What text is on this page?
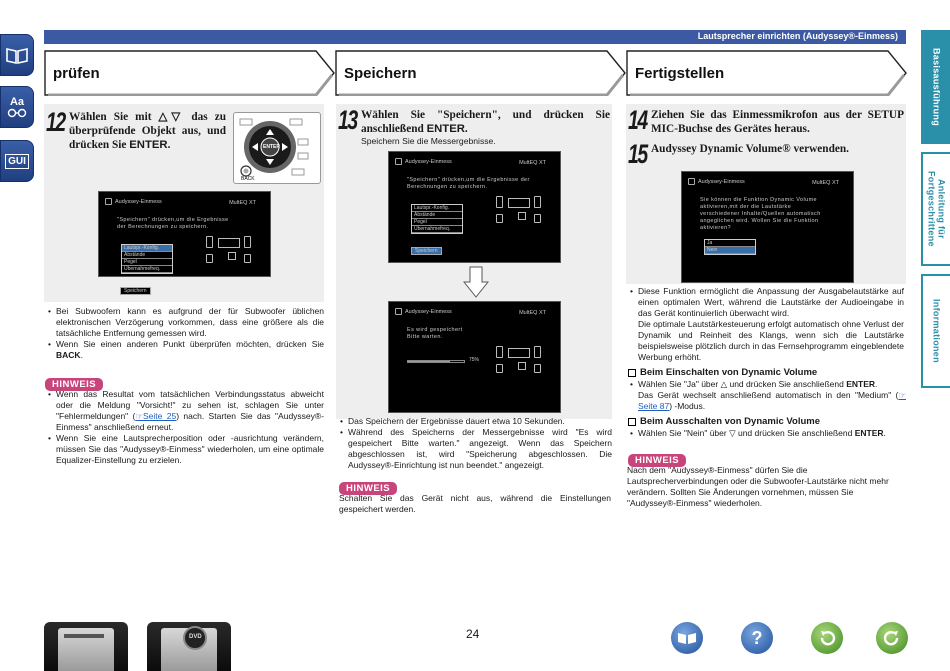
Lautsprecher einrichten (Audyssey®-Einmess)
Aa
GUI
Basisausführung
Anleitung für Fortgeschrittene
Informationen
prüfen	Speichern	Fertigstellen
12 Wählen Sie mit △▽ das zu überprüfende Objekt aus, und drücken Sie ENTER.
Audyssey-Einmess	MultEQ XT
"Speichern" drücken,um die Ergebnisse der Berechnungen zu speichern.
Lautspr.-Konfig.
Abstände
Pegel
Übernahmefreq.
Speichern
• Bei Subwoofern kann es aufgrund der für Subwoofer üblichen elektronischen Verzögerung vorkommen, dass eine größere als die tatsächliche Entfernung gemessen wird.
• Wenn Sie einen anderen Punkt überprüfen möchten, drücken Sie BACK.
HINWEIS
• Wenn das Resultat vom tatsächlichen Verbindungsstatus abweicht oder die Meldung "Vorsicht!" zu sehen ist, schlagen Sie unter "Fehlermeldungen" (☞Seite 25) nach. Starten Sie das "Audyssey®-Einmess" anschließend erneut.
• Wenn Sie eine Lautsprecherposition oder -ausrichtung verändern, müssen Sie das "Audyssey®-Einmess" wiederholen, um eine optimale Equalizer-Einstellung zu erzielen.
ENTER
BACK
13 Wählen Sie "Speichern", und drücken Sie anschließend ENTER.
Speichern Sie die Messergebnisse.
Audyssey-Einmess	MultEQ XT
"Speichern" drücken,um die Ergebnisse der Berechnungen zu speichern.
Lautspr.-Konfig.
Abstände
Pegel
Übernahmefreq.
Speichern
Audyssey-Einmess	MultEQ XT
Es wird gespeichert Bitte warten.
75%
• Das Speichern der Ergebnisse dauert etwa 10 Sekunden.
• Während des Speicherns der Messergebnisse wird "Es wird gespeichert Bitte warten." angezeigt. Wenn das Speichern abgeschlossen ist, wird "Speicherung abgeschlossen. Die Audyssey®-Einrichtung ist nun beendet." angezeigt.
HINWEIS
Schalten Sie das Gerät nicht aus, während die Einstellungen gespeichert werden.
14 Ziehen Sie das Einmessmikrofon aus der SETUP MIC-Buchse des Gerätes heraus.
15 Audyssey Dynamic Volume® verwenden.
Audyssey-Einmess	MultEQ XT
Sie können die Funktion Dynamic Volume aktivieren,mit der die Lautstärke verschiedener Inhalte/Quellen automatisch angeglichen wird. Wollen Sie die Funktion aktivieren?
Ja
Nein
• Diese Funktion ermöglicht die Anpassung der Ausgabelautstärke auf einen optimalen Wert, während die Lautstärke der Audioeingabe in das Gerät kontinuierlich überwacht wird.
Die optimale Lautstärkesteuerung erfolgt automatisch ohne Verlust der Dynamik und Reinheit des Klangs, wenn sich die Lautstärke beispielsweise plötzlich durch in das Fernsehprogramm eingeblendete Werbung erhöht.
Beim Einschalten von Dynamic Volume
• Wählen Sie "Ja" über △ und drücken Sie anschließend ENTER.
Das Gerät wechselt anschließend automatisch in den "Medium" (☞Seite 87) -Modus.
Beim Ausschalten von Dynamic Volume
• Wählen Sie "Nein" über ▽ und drücken Sie anschließend ENTER.
HINWEIS
Nach dem "Audyssey®-Einmess" dürfen Sie die Lautsprecherverbindungen oder die Subwoofer-Lautstärke nicht mehr verändern. Sollten Sie Änderungen vornehmen, müssen Sie "Audyssey®-Einmess" wiederholen.
DVD	24	?
